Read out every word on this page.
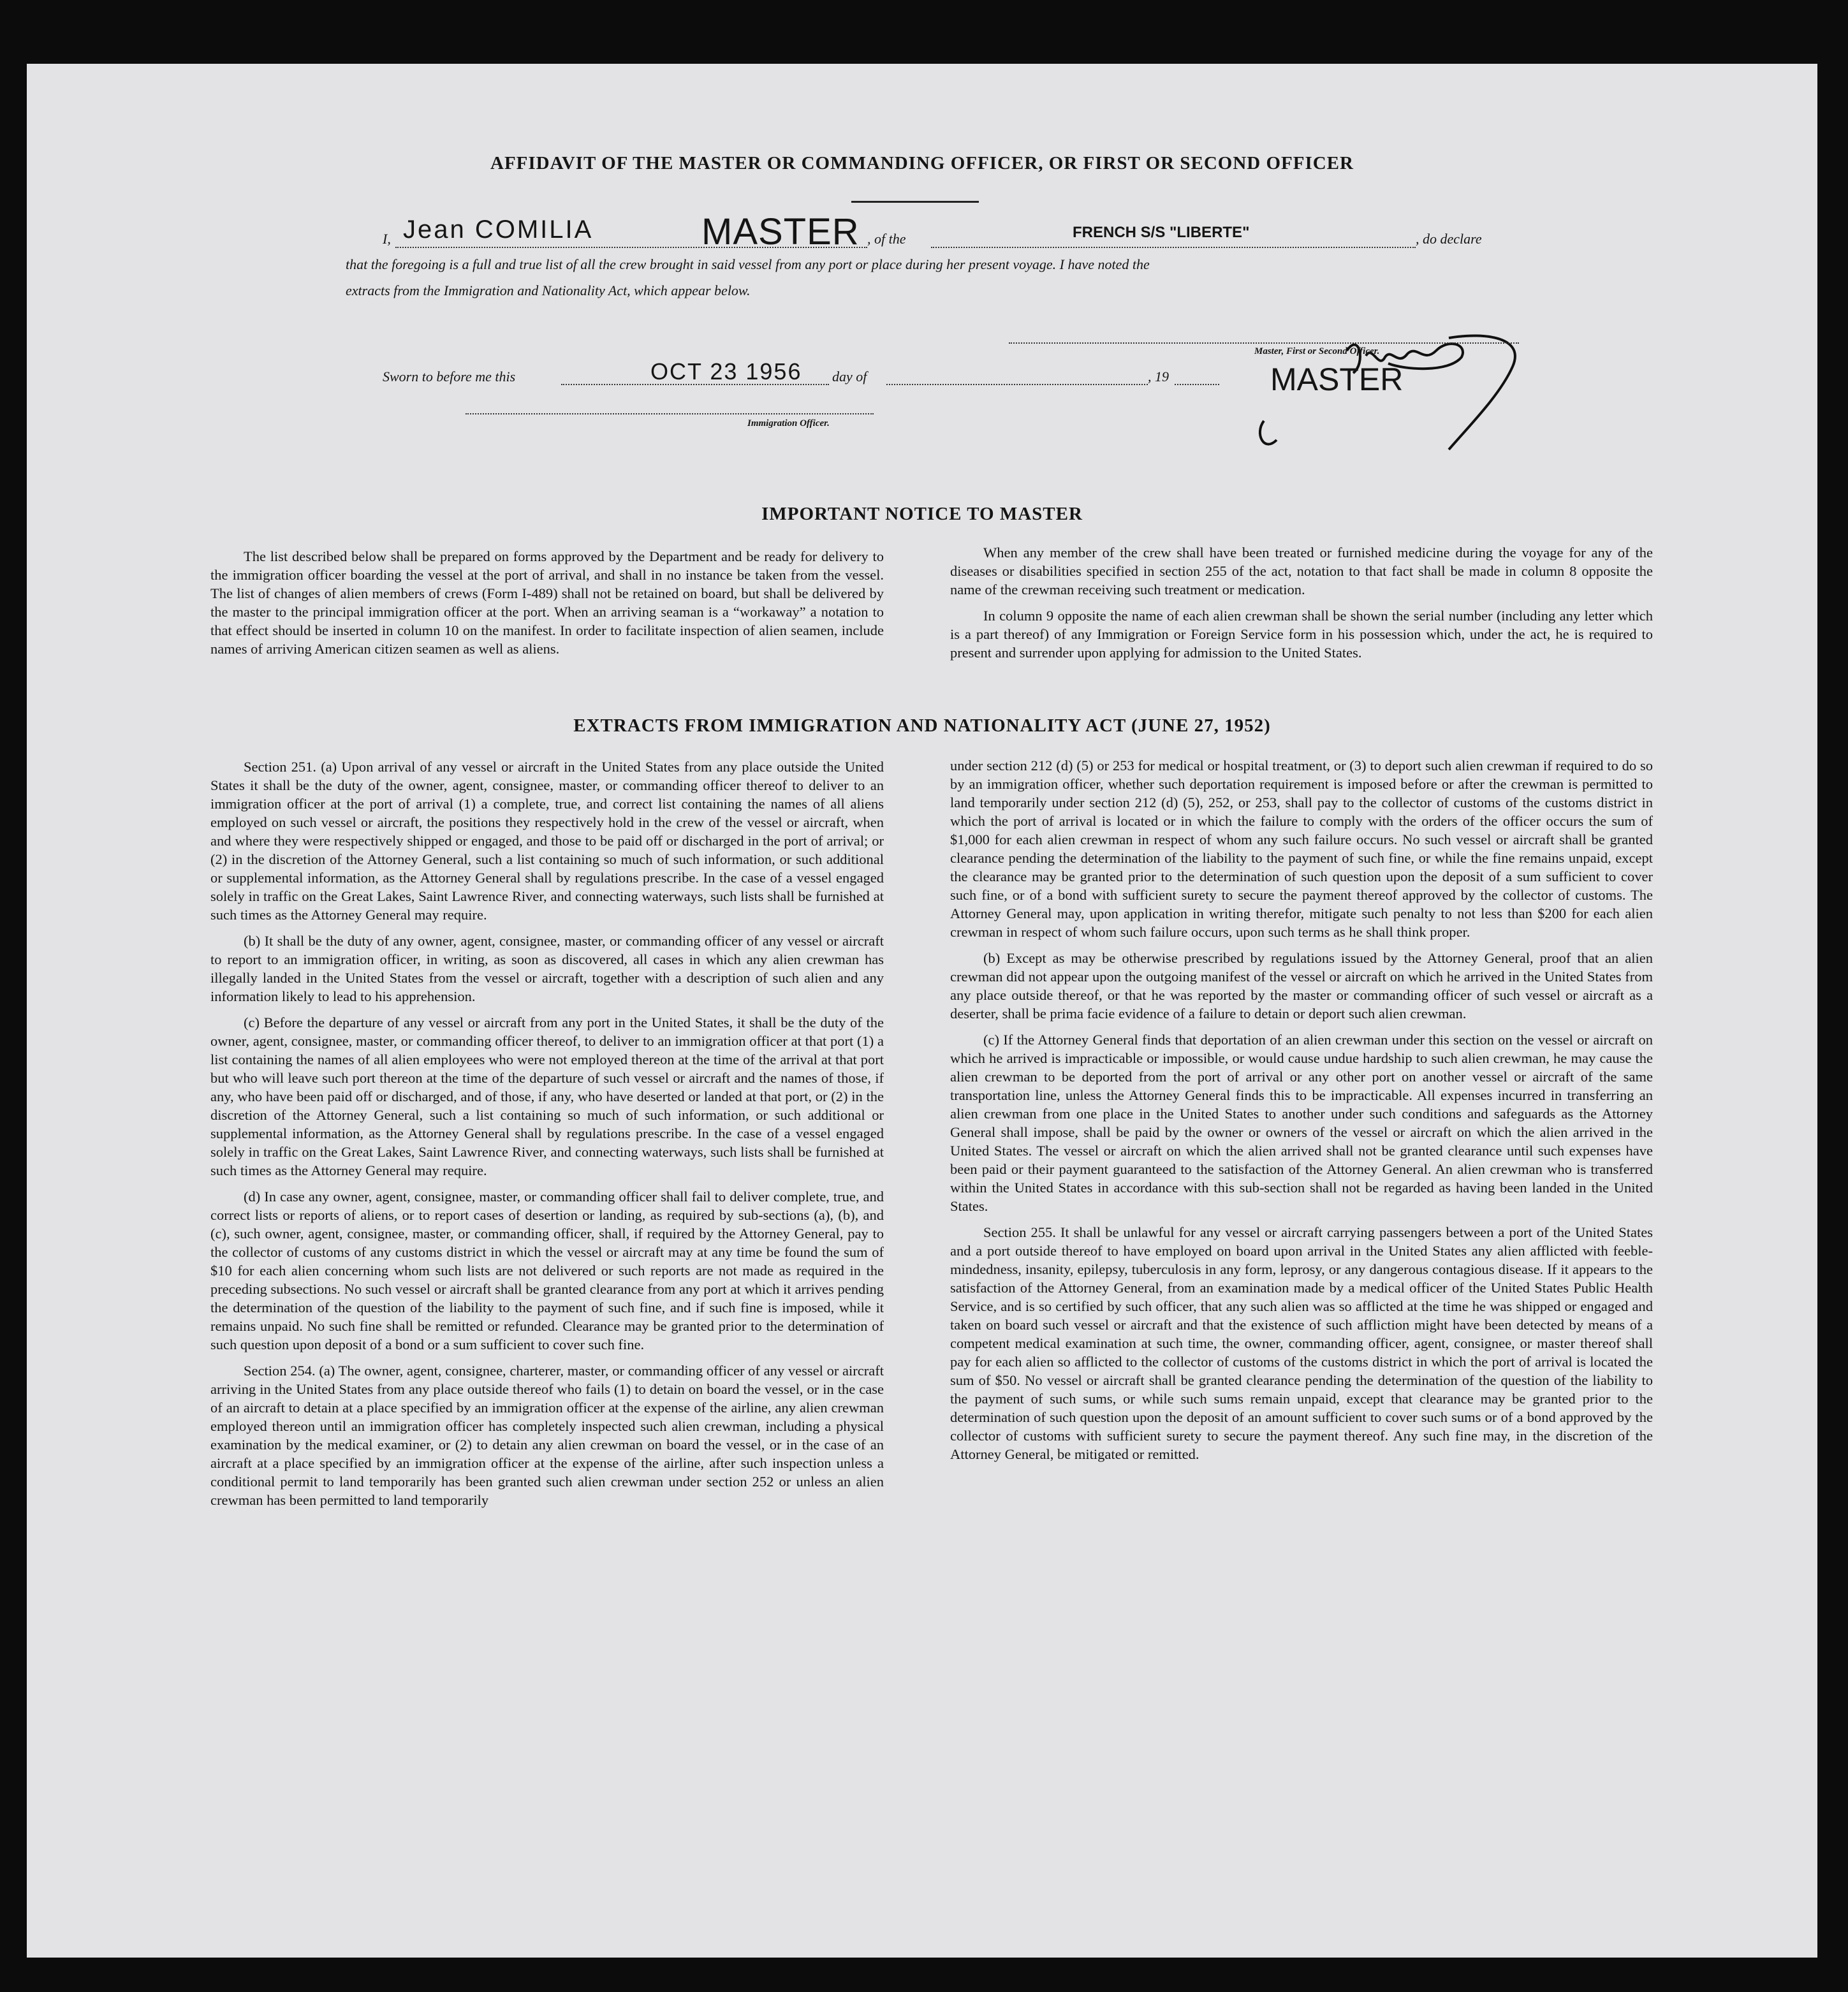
AFFIDAVIT OF THE MASTER OR COMMANDING OFFICER, OR FIRST OR SECOND OFFICER
I, Jean COMILIA	MASTER , of the	FRENCH S/S "LIBERTE"	, do declare
that the foregoing is a full and true list of all the crew brought in said vessel from any port or place during her present voyage. I have noted the
extracts from the Immigration and Nationality Act, which appear below.
Master, First or Second Officer.
MASTER
Sworn to before me this	OCT 23 1956 day of	, 19
Immigration Officer.
IMPORTANT NOTICE TO MASTER

The list described below shall be prepared on forms approved by the Department and be ready for delivery to the immigration officer boarding the vessel at the port of arrival, and shall in no instance be taken from the vessel. The list of changes of alien members of crews (Form I-489) shall not be retained on board, but shall be delivered by the master to the principal immigration officer at the port. When an arriving seaman is a “workaway” a notation to that effect should be inserted in column 10 on the manifest. In order to facilitate inspection of alien seamen, include names of arriving American citizen seamen as well as aliens.

When any member of the crew shall have been treated or furnished medicine during the voyage for any of the diseases or disabilities specified in section 255 of the act, notation to that fact shall be made in column 8 opposite the name of the crewman receiving such treatment or medication.

In column 9 opposite the name of each alien crewman shall be shown the serial number (including any letter which is a part thereof) of any Immigration or Foreign Service form in his possession which, under the act, he is required to present and surrender upon applying for admission to the United States.

EXTRACTS FROM IMMIGRATION AND NATIONALITY ACT (JUNE 27, 1952)

Section 251. (a) Upon arrival of any vessel or aircraft in the United States from any place outside the United States it shall be the duty of the owner, agent, consignee, master, or commanding officer thereof to deliver to an immigration officer at the port of arrival (1) a complete, true, and correct list containing the names of all aliens employed on such vessel or aircraft, the positions they respectively hold in the crew of the vessel or aircraft, when and where they were respectively shipped or engaged, and those to be paid off or discharged in the port of arrival; or (2) in the discretion of the Attorney General, such a list containing so much of such information, or such additional or supplemental information, as the Attorney General shall by regulations prescribe. In the case of a vessel engaged solely in traffic on the Great Lakes, Saint Lawrence River, and connecting waterways, such lists shall be furnished at such times as the Attorney General may require.

(b) It shall be the duty of any owner, agent, consignee, master, or commanding officer of any vessel or aircraft to report to an immigration officer, in writing, as soon as discovered, all cases in which any alien crewman has illegally landed in the United States from the vessel or aircraft, together with a description of such alien and any information likely to lead to his apprehension.

(c) Before the departure of any vessel or aircraft from any port in the United States, it shall be the duty of the owner, agent, consignee, master, or commanding officer thereof, to deliver to an immigration officer at that port (1) a list containing the names of all alien employees who were not employed thereon at the time of the arrival at that port but who will leave such port thereon at the time of the departure of such vessel or aircraft and the names of those, if any, who have been paid off or discharged, and of those, if any, who have deserted or landed at that port, or (2) in the discretion of the Attorney General, such a list containing so much of such information, or such additional or supplemental information, as the Attorney General shall by regulations prescribe. In the case of a vessel engaged solely in traffic on the Great Lakes, Saint Lawrence River, and connecting waterways, such lists shall be furnished at such times as the Attorney General may require.

(d) In case any owner, agent, consignee, master, or commanding officer shall fail to deliver complete, true, and correct lists or reports of aliens, or to report cases of desertion or landing, as required by sub-sections (a), (b), and (c), such owner, agent, consignee, master, or commanding officer, shall, if required by the Attorney General, pay to the collector of customs of any customs district in which the vessel or aircraft may at any time be found the sum of $10 for each alien concerning whom such lists are not delivered or such reports are not made as required in the preceding subsections. No such vessel or aircraft shall be granted clearance from any port at which it arrives pending the determination of the question of the liability to the payment of such fine, and if such fine is imposed, while it remains unpaid. No such fine shall be remitted or refunded. Clearance may be granted prior to the determination of such question upon deposit of a bond or a sum sufficient to cover such fine.

Section 254. (a) The owner, agent, consignee, charterer, master, or commanding officer of any vessel or aircraft arriving in the United States from any place outside thereof who fails (1) to detain on board the vessel, or in the case of an aircraft to detain at a place specified by an immigration officer at the expense of the airline, any alien crewman employed thereon until an immigration officer has completely inspected such alien crewman, including a physical examination by the medical examiner, or (2) to detain any alien crewman on board the vessel, or in the case of an aircraft at a place specified by an immigration officer at the expense of the airline, after such inspection unless a conditional permit to land temporarily has been granted such alien crewman under section 252 or unless an alien crewman has been permitted to land temporarily

under section 212 (d) (5) or 253 for medical or hospital treatment, or (3) to deport such alien crewman if required to do so by an immigration officer, whether such deportation requirement is imposed before or after the crewman is permitted to land temporarily under section 212 (d) (5), 252, or 253, shall pay to the collector of customs of the customs district in which the port of arrival is located or in which the failure to comply with the orders of the officer occurs the sum of $1,000 for each alien crewman in respect of whom any such failure occurs. No such vessel or aircraft shall be granted clearance pending the determination of the liability to the payment of such fine, or while the fine remains unpaid, except the clearance may be granted prior to the determination of such question upon the deposit of a sum sufficient to cover such fine, or of a bond with sufficient surety to secure the payment thereof approved by the collector of customs. The Attorney General may, upon application in writing therefor, mitigate such penalty to not less than $200 for each alien crewman in respect of whom such failure occurs, upon such terms as he shall think proper.

(b) Except as may be otherwise prescribed by regulations issued by the Attorney General, proof that an alien crewman did not appear upon the outgoing manifest of the vessel or aircraft on which he arrived in the United States from any place outside thereof, or that he was reported by the master or commanding officer of such vessel or aircraft as a deserter, shall be prima facie evidence of a failure to detain or deport such alien crewman.

(c) If the Attorney General finds that deportation of an alien crewman under this section on the vessel or aircraft on which he arrived is impracticable or impossible, or would cause undue hardship to such alien crewman, he may cause the alien crewman to be deported from the port of arrival or any other port on another vessel or aircraft of the same transportation line, unless the Attorney General finds this to be impracticable. All expenses incurred in transferring an alien crewman from one place in the United States to another under such conditions and safeguards as the Attorney General shall impose, shall be paid by the owner or owners of the vessel or aircraft on which the alien arrived in the United States. The vessel or aircraft on which the alien arrived shall not be granted clearance until such expenses have been paid or their payment guaranteed to the satisfaction of the Attorney General. An alien crewman who is transferred within the United States in accordance with this sub-section shall not be regarded as having been landed in the United States.

Section 255. It shall be unlawful for any vessel or aircraft carrying passengers between a port of the United States and a port outside thereof to have employed on board upon arrival in the United States any alien afflicted with feeble-mindedness, insanity, epilepsy, tuberculosis in any form, leprosy, or any dangerous contagious disease. If it appears to the satisfaction of the Attorney General, from an examination made by a medical officer of the United States Public Health Service, and is so certified by such officer, that any such alien was so afflicted at the time he was shipped or engaged and taken on board such vessel or aircraft and that the existence of such affliction might have been detected by means of a competent medical examination at such time, the owner, commanding officer, agent, consignee, or master thereof shall pay for each alien so afflicted to the collector of customs of the customs district in which the port of arrival is located the sum of $50. No vessel or aircraft shall be granted clearance pending the determination of the question of the liability to the payment of such sums, or while such sums remain unpaid, except that clearance may be granted prior to the determination of such question upon the deposit of an amount sufficient to cover such sums or of a bond approved by the collector of customs with sufficient surety to secure the payment thereof. Any such fine may, in the discretion of the Attorney General, be mitigated or remitted.
